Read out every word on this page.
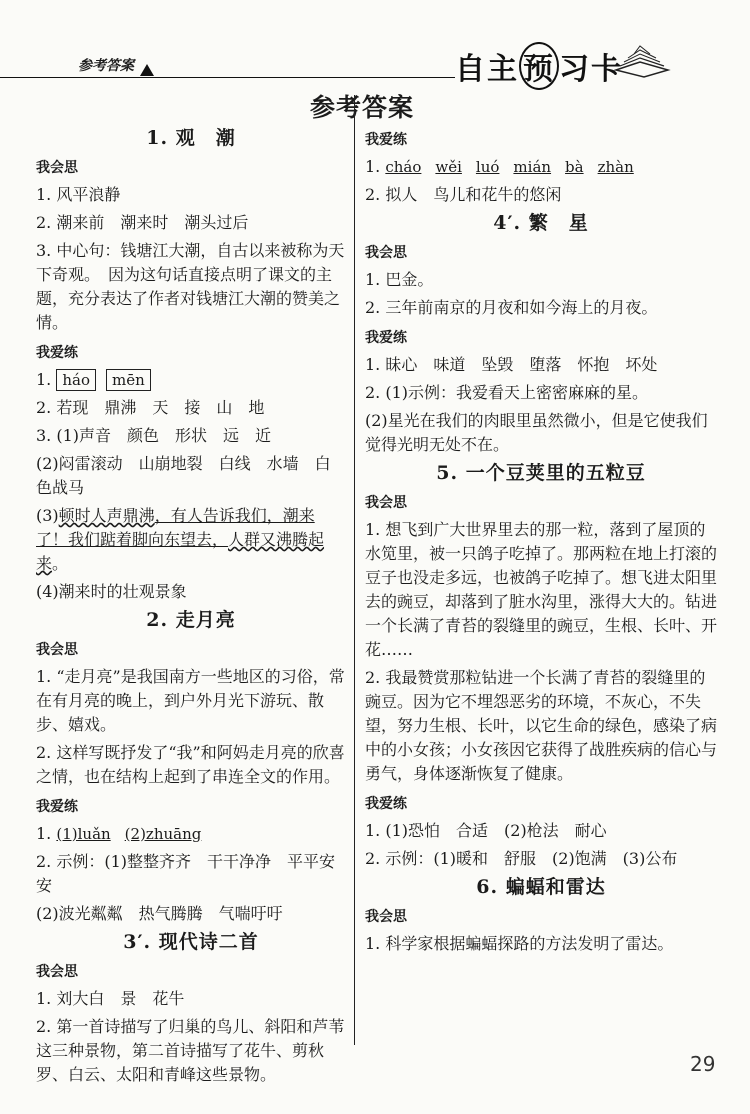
参考答案	自主 预 习卡
参考答案
1. 观　潮
我会思
1. 风平浪静
2. 潮来前　潮来时　潮头过后
3. 中心句：钱塘江大潮，自古以来被称为天下奇观。　因为这句话直接点明了课文的主题，充分表达了作者对钱塘江大潮的赞美之情。
我爱练
1. háo mēn
2. 若现　鼎沸　天　接　山　地
3. (1)声音　颜色　形状　远　近
(2)闷雷滚动　山崩地裂　白线　水墙　白色战马
(3)顿时人声鼎沸，有人告诉我们，潮来了！我们踮着脚向东望去，人群又沸腾起来。
(4)潮来时的壮观景象
2. 走月亮
我会思
1. “走月亮”是我国南方一些地区的习俗，常在有月亮的晚上，到户外月光下游玩、散步、嬉戏。
2. 这样写既抒发了“我”和阿妈走月亮的欣喜之情，也在结构上起到了串连全文的作用。
我爱练
1. (1)luǎn (2)zhuāng
2. 示例：(1)整整齐齐　干干净净　平平安安
(2)波光粼粼　热气腾腾　气喘吁吁
3′. 现代诗二首
我会思
1. 刘大白　景　花牛
2. 第一首诗描写了归巢的鸟儿、斜阳和芦苇这三种景物，第二首诗描写了花牛、剪秋罗、白云、太阳和青峰这些景物。
我爱练
1. cháo wěi luó mián bà zhàn
2. 拟人　鸟儿和花牛的悠闲
4′. 繁　星
我会思
1. 巴金。
2. 三年前南京的月夜和如今海上的月夜。
我爱练
1. 昧心　味道　坠毁　堕落　怀抱　坏处
2. (1)示例：我爱看天上密密麻麻的星。
(2)星光在我们的肉眼里虽然微小，但是它使我们觉得光明无处不在。
5. 一个豆荚里的五粒豆
我会思
1. 想飞到广大世界里去的那一粒，落到了屋顶的水笕里，被一只鸽子吃掉了。那两粒在地上打滚的豆子也没走多远，也被鸽子吃掉了。想飞进太阳里去的豌豆，却落到了脏水沟里，涨得大大的。钻进一个长满了青苔的裂缝里的豌豆，生根、长叶、开花……
2. 我最赞赏那粒钻进一个长满了青苔的裂缝里的豌豆。因为它不埋怨恶劣的环境，不灰心，不失望，努力生根、长叶，以它生命的绿色，感染了病中的小女孩；小女孩因它获得了战胜疾病的信心与勇气，身体逐渐恢复了健康。
我爱练
1. (1)恐怕　合适　(2)枪法　耐心
2. 示例：(1)暖和　舒服　(2)饱满　(3)公布
6. 蝙蝠和雷达
我会思
1. 科学家根据蝙蝠探路的方法发明了雷达。
29
